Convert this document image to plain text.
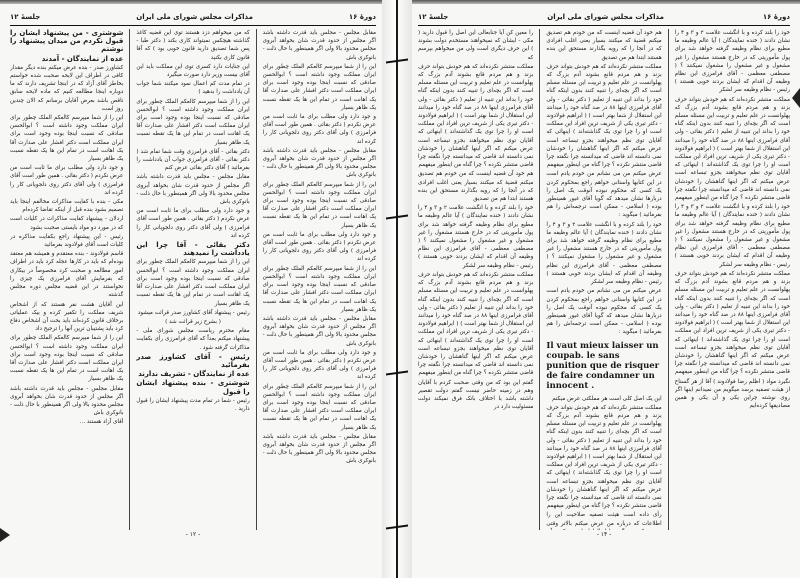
دورهٔ ۱۶
مذاکرات مجلس شورای ملی ایران
جلسهٔ ۱۲

مقابل مجلس - مجلس باید قدرت داشته باشد اگر مجلس از حدود قدرت شان بخواهد آبروی مجلس محدود بالا ولی اگر همینطور با حال ذلت - بانوکری باش

این را از شما میپرسم کالعکم الملک چطور برای ایران مملکت وجود داشته است ؟ ابوالحسن صادقی که نسبت اینجا بوده وجود است برای ایران مملکت است دکتر افشار علی صدارت آقا یک اهانت است در تمام این ها یک تقطه نسبت یک ظاهر بسیار

و جود دارد ولی مطلب برای ما ثابت است من عرض نکردم ( دکتر بقائی . همین طور است آقای فرامرزی ) ولی آقای دکتر روی دلجویانی کار را کرده اند

مقابل مجلس - مجلس باید قدرت داشته باشد اگر مجلس از حدود قدرت شان بخواهد آبروی مجلس محدود بالا ولی اگر همینطور با حال ذلت - بانوکری باش

این را از شما میپرسم کالعکم الملک چطور برای ایران مملکت وجود داشته است ؟ ابوالحسن صادقی که نسبت اینجا بوده وجود است برای ایران مملکت است دکتر افشار علی صدارت آقا یک اهانت است در تمام این ها یک تقطه نسبت یک ظاهر بسیار

و جود دارد ولی مطلب برای ما ثابت است من عرض نکردم ( دکتر بقائی . همین طور است آقای فرامرزی ) ولی آقای دکتر روی دلجویانی کار را کرده اند

این را از شما میپرسم کالعکم الملک چطور برای ایران مملکت وجود داشته است ؟ ابوالحسن صادقی که نسبت اینجا بوده وجود است برای ایران مملکت است دکتر افشار علی صدارت آقا یک اهانت است در تمام این ها یک تقطه نسبت یک ظاهر بسیار

مقابل مجلس - مجلس باید قدرت داشته باشد اگر مجلس از حدود قدرت شان بخواهد آبروی مجلس محدود بالا ولی اگر همینطور با حال ذلت - بانوکری باش

و جود دارد ولی مطلب برای ما ثابت است من عرض نکردم ( دکتر بقائی . همین طور است آقای فرامرزی ) ولی آقای دکتر روی دلجویانی کار را کرده اند

این را از شما میپرسم کالعکم الملک چطور برای ایران مملکت وجود داشته است ؟ ابوالحسن صادقی که نسبت اینجا بوده وجود است برای ایران مملکت است دکتر افشار علی صدارت آقا یک اهانت است در تمام این ها یک تقطه نسبت یک ظاهر بسیار

مقابل مجلس - مجلس باید قدرت داشته باشد اگر مجلس از حدود قدرت شان بخواهد آبروی مجلس محدود بالا ولی اگر همینطور با حال ذلت - بانوکری باش

که من میخواهم دزد هستند توی این قضیه کاغذ گذاشته هیچکس نمیتواند کاری بکند ( دکتر طبا - پس شما تصدیق دارید قانون خوبی بود ) که آقا قانون کاری بکنید

این جنایات دارد کسری توی این مملکت باید این آقای بیست وزیر دارد صورت میگیرد

در تمام مدت کم اعمال نمود میکنند شما جواب آن یادداشت را بدهید )

این را از شما میپرسم کالعکم الملک چطور برای ایران مملکت وجود داشته است ؟ ابوالحسن صادقی که نسبت اینجا بوده وجود است برای ایران مملکت است دکتر افشار علی صدارت آقا یک اهانت است در تمام این ها یک تقطه نسبت یک ظاهر بسیار

دکتر بقائی - آقای فرامرزی وقت شما تمام شد ( دکتر بقائی - آقای فرامرزی جواب آن یادداشت را بفرمائید ) آقای دکتر بقائی عرض کنم

مقابل مجلس - مجلس باید قدرت داشته باشد اگر مجلس از حدود قدرت شان بخواهد آبروی مجلس محدود بالا ولی اگر همینطور با حال ذلت - بانوکری باش

و جود دارد ولی مطلب برای ما ثابت است من عرض نکردم ( دکتر بقائی . همین طور است آقای فرامرزی ) ولی آقای دکتر روی دلجویانی کار را کرده اند

دکتر بقائی - آقا چرا این یادداشت را نمیدهند

این را از شما میپرسم کالعکم الملک چطور برای ایران مملکت وجود داشته است ؟ ابوالحسن صادقی که نسبت اینجا بوده وجود است برای ایران مملکت است دکتر افشار علی صدارت آقا یک اهانت است در تمام این ها یک تقطه نسبت یک ظاهر بسیار

رئیس - پیشنهاد آقای کشاورز صدر قرائت میشود

( بشرح زیر قرائت شد )

مقام محترم ریاست مجلس شورای ملی - پیشنهاد میکنم بعداً که آقای فرامرزی رأی بکفایت مذاکرات گرفته شود .

رئیس - آقای کشاورز صدر بفرمائید

عده از نمایندگان - تشریف ندارند

شوشتری - بنده پیشنهاد ایشان را قبول

رئیس - شما در تمام مدت پیشنهاد ایشان را قبول دارید .

شوشتری - من پیشنهاد ایشان را قبول نکردم من میدان پیشنهاد را نوشتم

عده از نمایندگان - آمدند

کشاورز صدر - بنده عرض میکنم بنده دیگر مقدار کافی در اطراف این لایحه صحبت شده خواستم بخاطر آقای آزاد که در اینجا تشریف دارند که ما دوباره اینجا مطالعه کنیم که ماده لایحه سابق ناقص باشد بعرض آقایان برسانم که الان چندین روز است

این را از شما میپرسم کالعکم الملک چطور برای ایران مملکت وجود داشته است ؟ ابوالحسن صادقی که نسبت اینجا بوده وجود است برای ایران مملکت است دکتر افشار علی صدارت آقا یک اهانت است در تمام این ها یک تقطه نسبت یک ظاهر بسیار

و جود دارد ولی مطلب برای ما ثابت است من عرض نکردم ( دکتر بقائی . همین طور است آقای فرامرزی ) ولی آقای دکتر روی دلجویانی کار را کرده اند

مکی - بنده با کفایت مذاکرات مخالفم اینجا باید تصمیم بشود بنده قبل از اینکه تقاضا کرده‌ام

اردلان - پیشنهاد کفایت مذاکرات در کلیات است که در مورد دو مواد بایستی صحبت بشود

رئیس - این پیشنهاد راجع بکفایت مذاکره در کلیات است آقای فولادوند بفرمائید

قاسم فولادوند - بنده معتقدم و همیشه هم معتقد بوده‌ام که باید در کارها عجله کرد باید در اطراف امور مطالعه و صحبت کرد مخصوصاً در بیکاری که بفرمایش آقای فرامرزی یک چیزی را نخواستند در این قضیه مجلس دوره مجلس گذشته

این آقایان هشت نفر هستند که از اشخاص شریف مملکت را تکفیر کرده و بیک عملیاتی برخلاف قانون کرده‌اند باید بحث آن اشخاص دفاع کرد باید پشتیبان ترین آنها را ترجیح داد

این را از شما میپرسم کالعکم الملک چطور برای ایران مملکت وجود داشته است ؟ ابوالحسن صادقی که نسبت اینجا بوده وجود است برای ایران مملکت است دکتر افشار علی صدارت آقا یک اهانت است در تمام این ها یک تقطه نسبت یک ظاهر بسیار

مقابل مجلس - مجلس باید قدرت داشته باشد اگر مجلس از حدود قدرت شان بخواهد آبروی مجلس محدود بالا ولی اگر همینطور با حال ذلت - بانوکری باش

آقای آزاد هستند ...

- ۱۲ -
دورهٔ ۱۶
مذاکرات مجلس شورای ملی ایران
جلسهٔ ۱۲

خود را بلند کرده و با انگشت علامت ۲ و ۳ و ۴ را نشان دادند ( خنده نمایندگان ) آیا عالم وظیفه ما مطیع برای نظام وظیفه گرفته خواهد شد برای پول مأموریتی که در خارج هستند مشغول را غیر مشغول و غیر مشغول را مشغول نمیکنند ؟ ( مصطفی معظمی - آقای فرامرزی این نظام وظیفه آن اقدام که ایشان بردند خوبی هستند ) رئیس - نظام وظیفه سر لشکر

مملکت منتشر نکرده‌اند که هم خودش بتواند حرف بزند و هم مردم قانع بشوند آدم بزرگ که پهلوانست در علم تعلیم و تربیت این مسئله مسلم است که اگر بچه‌ای را تنبیه کنند بدون اینکه گناه خود را بداند این تنبیه از تعلیم ( دکتر بقائی - ولی آقای فرامرزی اینها ۸۸ در صد گناه خود را میدانند این استقلال از شما بهتر است ) ( ابراهیم فولادوند - دکتر تیری یکی از شریف ترین افراد این مملکت است او را چرا توی یک گذاشته‌اند ) اینهائی که آقایان توی نظم میخواهند بجزو تبساعه است عرض میکنم که اگر اینها گناهشان را خودشان نمی دانسته اند قاضی که میدانسته چرا نگفته چرا قاضی منتشر نکرده ؟ چرا گناه من اینطور میفهمم

خود را بلند کرده و با انگشت علامت ۲ و ۳ و ۴ را نشان دادند ( خنده نمایندگان ) آیا عالم وظیفه ما مطیع برای نظام وظیفه گرفته خواهد شد برای پول مأموریتی که در خارج هستند مشغول را غیر مشغول و غیر مشغول را مشغول نمیکنند ؟ ( مصطفی معظمی - آقای فرامرزی این نظام وظیفه آن اقدام که ایشان بردند خوبی هستند ) رئیس - نظام وظیفه سر لشکر

مملکت منتشر نکرده‌اند که هم خودش بتواند حرف بزند و هم مردم قانع بشوند آدم بزرگ که پهلوانست در علم تعلیم و تربیت این مسئله مسلم است که اگر بچه‌ای را تنبیه کنند بدون اینکه گناه خود را بداند این تنبیه از تعلیم ( دکتر بقائی - ولی آقای فرامرزی اینها ۸۸ در صد گناه خود را میدانند این استقلال از شما بهتر است ) ( ابراهیم فولادوند - دکتر تیری یکی از شریف ترین افراد این مملکت است او را چرا توی یک گذاشته‌اند ) اینهائی که آقایان توی نظم میخواهند بجزو تبساعه است عرض میکنم که اگر اینها گناهشان را خودشان نمی دانسته اند قاضی که میدانسته چرا نگفته چرا قاضی منتشر نکرده ؟ چرا گناه من اینطور میفهمم

نگیرد مواد ( اظلم رضا فولادوند ) آقا از هر گستاخ از هیئت تصفیه برسد میگویم من نمیدانم اینها اگر روی نوشته چراین یکی و آن یکی و همین مصادیقها کرده‌ایم

هم خود آن قضیه اینست که من خودم هم تصدیق میکنم قضیهٔ که میکنند بسیار یعنی اغلب افرادی که در آنجا را که رویه بگذارند مستحق این بنده هستند ابتدا هم من تصدیق

مملکت منتشر نکرده‌اند که هم خودش بتواند حرف بزند و هم مردم قانع بشوند آدم بزرگ که پهلوانست در علم تعلیم و تربیت این مسئله مسلم است که اگر بچه‌ای را تنبیه کنند بدون اینکه گناه خود را بداند این تنبیه از تعلیم ( دکتر بقائی - ولی آقای فرامرزی اینها ۸۸ در صد گناه خود را میدانند این استقلال از شما بهتر است ) ( ابراهیم فولادوند - دکتر تیری یکی از شریف ترین افراد این مملکت است او را چرا توی یک گذاشته‌اند ) اینهائی که آقایان توی نظم میخواهند بجزو تبساعه است عرض میکنم که اگر اینها گناهشان را خودشان نمی دانسته اند قاضی که میدانسته چرا نگفته چرا قاضی منتشر نکرده ؟ چرا گناه من اینطور میفهمم

عرض میکنم من می نشانم من خودم یادم است در این کتابها واستانی خواهم راجع بمحکوم کردن یک کسی که محکوم نبوده آنوقت یک اصل را دربارها نشان میدهد که گویا آقای غیور همینطور بوده ( اسلامی - ممکن است ترجمه‌اش را هم بفرمائید ) میگوید :

خود را بلند کرده و با انگشت علامت ۲ و ۳ و ۴ را نشان دادند ( خنده نمایندگان ) آیا عالم وظیفه ما مطیع برای نظام وظیفه گرفته خواهد شد برای پول مأموریتی که در خارج هستند مشغول را غیر مشغول و غیر مشغول را مشغول نمیکنند ؟ ( مصطفی معظمی - آقای فرامرزی این نظام وظیفه آن اقدام که ایشان بردند خوبی هستند ) رئیس - نظام وظیفه سر لشکر

عرض میکنم من می نشانم من خودم یادم است در این کتابها واستانی خواهم راجع بمحکوم کردن یک کسی که محکوم نبوده آنوقت یک اصل را دربارها نشان میدهد که گویا آقای غیور همینطور بوده ( اسلامی - ممکن است ترجمه‌اش را هم بفرمائید ) میگوید :

Il vaut mieux laisser un coupab. le sans punition que de risquer de faire condamner un innocent .

این یک اصل کلی است هر مملکتی عرض میکنم

مملکت منتشر نکرده‌اند که هم خودش بتواند حرف بزند و هم مردم قانع بشوند آدم بزرگ که پهلوانست در علم تعلیم و تربیت این مسئله مسلم است که اگر بچه‌ای را تنبیه کنند بدون اینکه گناه خود را بداند این تنبیه از تعلیم ( دکتر بقائی - ولی آقای فرامرزی اینها ۸۸ در صد گناه خود را میدانند این استقلال از شما بهتر است ) ( ابراهیم فولادوند - دکتر تیری یکی از شریف ترین افراد این مملکت است او را چرا توی یک گذاشته‌اند ) اینهائی که آقایان توی نظم میخواهند بجزو تبساعه است عرض میکنم که اگر اینها گناهشان را خودشان نمی دانسته اند قاضی که میدانسته چرا نگفته چرا قاضی منتشر نکرده ؟ چرا گناه من اینطور میفهمم

رأی داده است هیئت تصفیه صلاحیت این را اطلاعات که درباره من عرض میکنم بالاتر وقتی

را معین کن آیا جنابعالی این اصل را قبول دارید ( مکی - ایشان که نمیخواهند مستخدم دولت بشوند ) این حرف دیگری است ولی من میخواهم بپرسم که

مملکت منتشر نکرده‌اند که هم خودش بتواند حرف بزند و هم مردم قانع بشوند آدم بزرگ که پهلوانست در علم تعلیم و تربیت این مسئله مسلم است که اگر بچه‌ای را تنبیه کنند بدون اینکه گناه خود را بداند این تنبیه از تعلیم ( دکتر بقائی - ولی آقای فرامرزی اینها ۸۸ در صد گناه خود را میدانند این استقلال از شما بهتر است ) ( ابراهیم فولادوند - دکتر تیری یکی از شریف ترین افراد این مملکت است او را چرا توی یک گذاشته‌اند ) اینهائی که آقایان توی نظم میخواهند بجزو تبساعه است عرض میکنم که اگر اینها گناهشان را خودشان نمی دانسته اند قاضی که میدانسته چرا نگفته چرا قاضی منتشر نکرده ؟ چرا گناه من اینطور میفهمم

هم خود آن قضیه اینست که من خودم هم تصدیق میکنم قضیهٔ که میکنند بسیار یعنی اغلب افرادی که در آنجا را که رویه بگذارند مستحق این بنده هستند ابتدا هم من تصدیق

خود را بلند کرده و با انگشت علامت ۲ و ۳ و ۴ را نشان دادند ( خنده نمایندگان ) آیا عالم وظیفه ما مطیع برای نظام وظیفه گرفته خواهد شد برای پول مأموریتی که در خارج هستند مشغول را غیر مشغول و غیر مشغول را مشغول نمیکنند ؟ ( مصطفی معظمی - آقای فرامرزی این نظام وظیفه آن اقدام که ایشان بردند خوبی هستند ) رئیس - نظام وظیفه سر لشکر

مملکت منتشر نکرده‌اند که هم خودش بتواند حرف بزند و هم مردم قانع بشوند آدم بزرگ که پهلوانست در علم تعلیم و تربیت این مسئله مسلم است که اگر بچه‌ای را تنبیه کنند بدون اینکه گناه خود را بداند این تنبیه از تعلیم ( دکتر بقائی - ولی آقای فرامرزی اینها ۸۸ در صد گناه خود را میدانند این استقلال از شما بهتر است ) ( ابراهیم فولادوند - دکتر تیری یکی از شریف ترین افراد این مملکت است او را چرا توی یک گذاشته‌اند ) اینهائی که آقایان توی نظم میخواهند بجزو تبساعه است عرض میکنم که اگر اینها گناهشان را خودشان نمی دانسته اند قاضی که میدانسته چرا نگفته چرا قاضی منتشر نکرده ؟ چرا گناه من اینطور میفهمم

گفتم این بود که من وقتی صحبت کردم با آقایان وهم در زمینه حاضر نیست گفتم دولت تقصیر داشته باشد با اختلاف بانک فرق نمیکند دولت مسئولیت دارد در

- ۱۴ -
